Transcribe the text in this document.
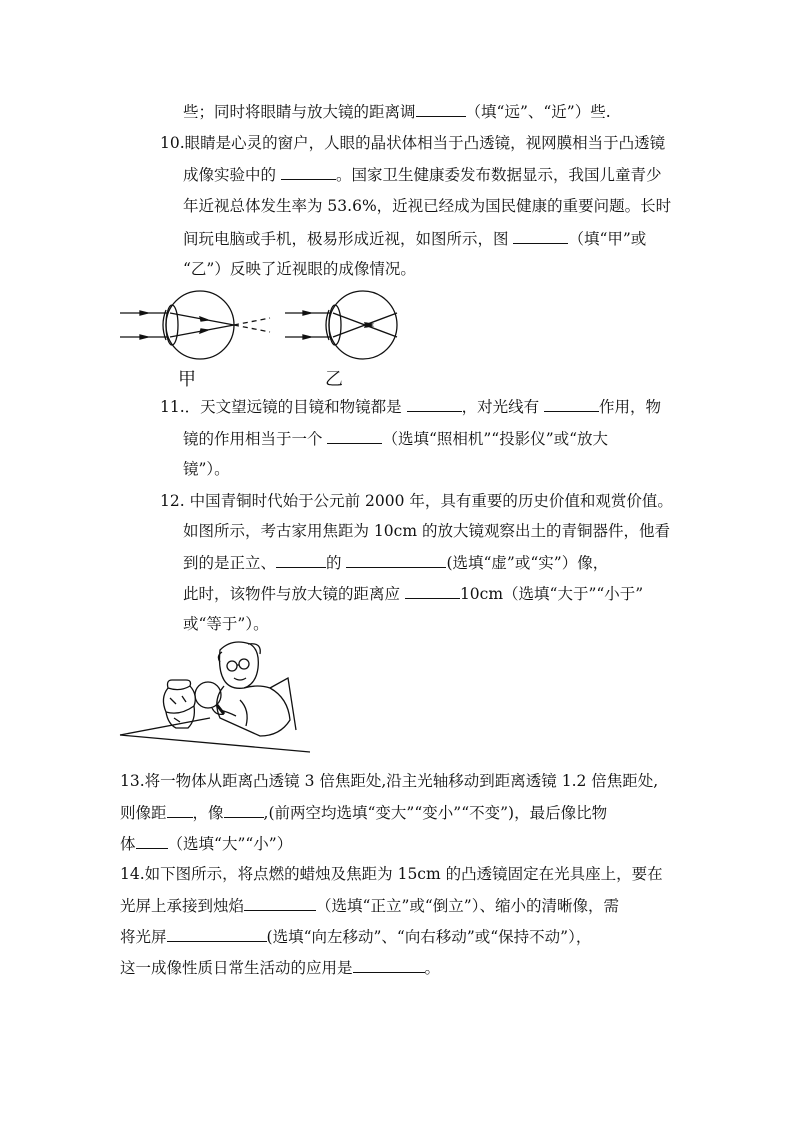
些；同时将眼睛与放大镜的距离调	（填“远”、“近”）些.
10.眼睛是心灵的窗户，人眼的晶状体相当于凸透镜，视网膜相当于凸透镜
成像实验中的	。国家卫生健康委发布数据显示，我国儿童青少
年近视总体发生率为 53.6%，近视已经成为国民健康的重要问题。长时
间玩电脑或手机，极易形成近视，如图所示，图	（填“甲”或
“乙”）反映了近视眼的成像情况。
甲	乙
11.．天文望远镜的目镜和物镜都是	，对光线有	作用，物
镜的作用相当于一个	（选填“照相机”“投影仪”或“放大
镜”）。
12. 中国青铜时代始于公元前 2000 年，具有重要的历史价值和观赏价值。
如图所示，考古家用焦距为 10cm 的放大镜观察出土的青铜器件，他看
到的是正立、	的	(选填“虚”或“实”）像，
此时，该物件与放大镜的距离应	10cm（选填“大于”“小于”
或“等于”）。
13.将一物体从距离凸透镜 3 倍焦距处,沿主光轴移动到距离透镜 1.2 倍焦距处,
则像距 ，像	,(前两空均选填“变大”“变小”“不变”)，最后像比物
体 （选填“大”“小”）
14.如下图所示，将点燃的蜡烛及焦距为 15cm 的凸透镜固定在光具座上，要在
光屏上承接到烛焰	（选填“正立”或“倒立”）、缩小的清晰像，需
将光屏	(选填“向左移动”、“向右移动”或“保持不动”），
这一成像性质日常生活动的应用是	。
